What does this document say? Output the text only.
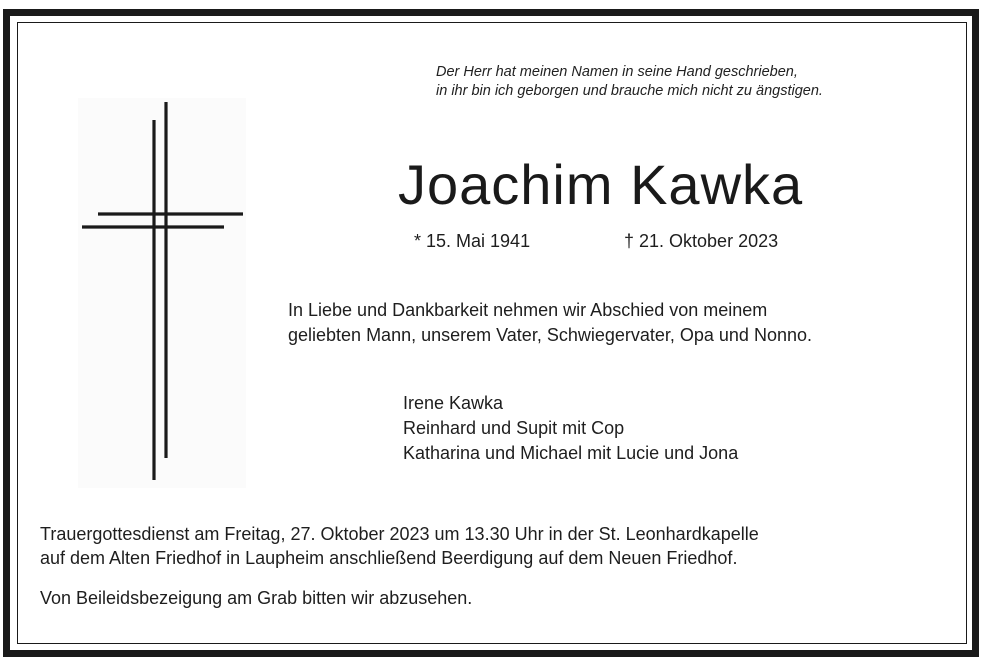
Der Herr hat meinen Namen in seine Hand geschrieben,
in ihr bin ich geborgen und brauche mich nicht zu ängstigen.
Joachim Kawka
* 15. Mai 1941	† 21. Oktober 2023
In Liebe und Dankbarkeit nehmen wir Abschied von meinem
geliebten Mann, unserem Vater, Schwiegervater, Opa und Nonno.
Irene Kawka
Reinhard und Supit mit Cop
Katharina und Michael mit Lucie und Jona
Trauergottesdienst am Freitag, 27. Oktober 2023 um 13.30 Uhr in der St. Leonhardkapelle
auf dem Alten Friedhof in Laupheim anschließend Beerdigung auf dem Neuen Friedhof.
Von Beileidsbezeigung am Grab bitten wir abzusehen.
